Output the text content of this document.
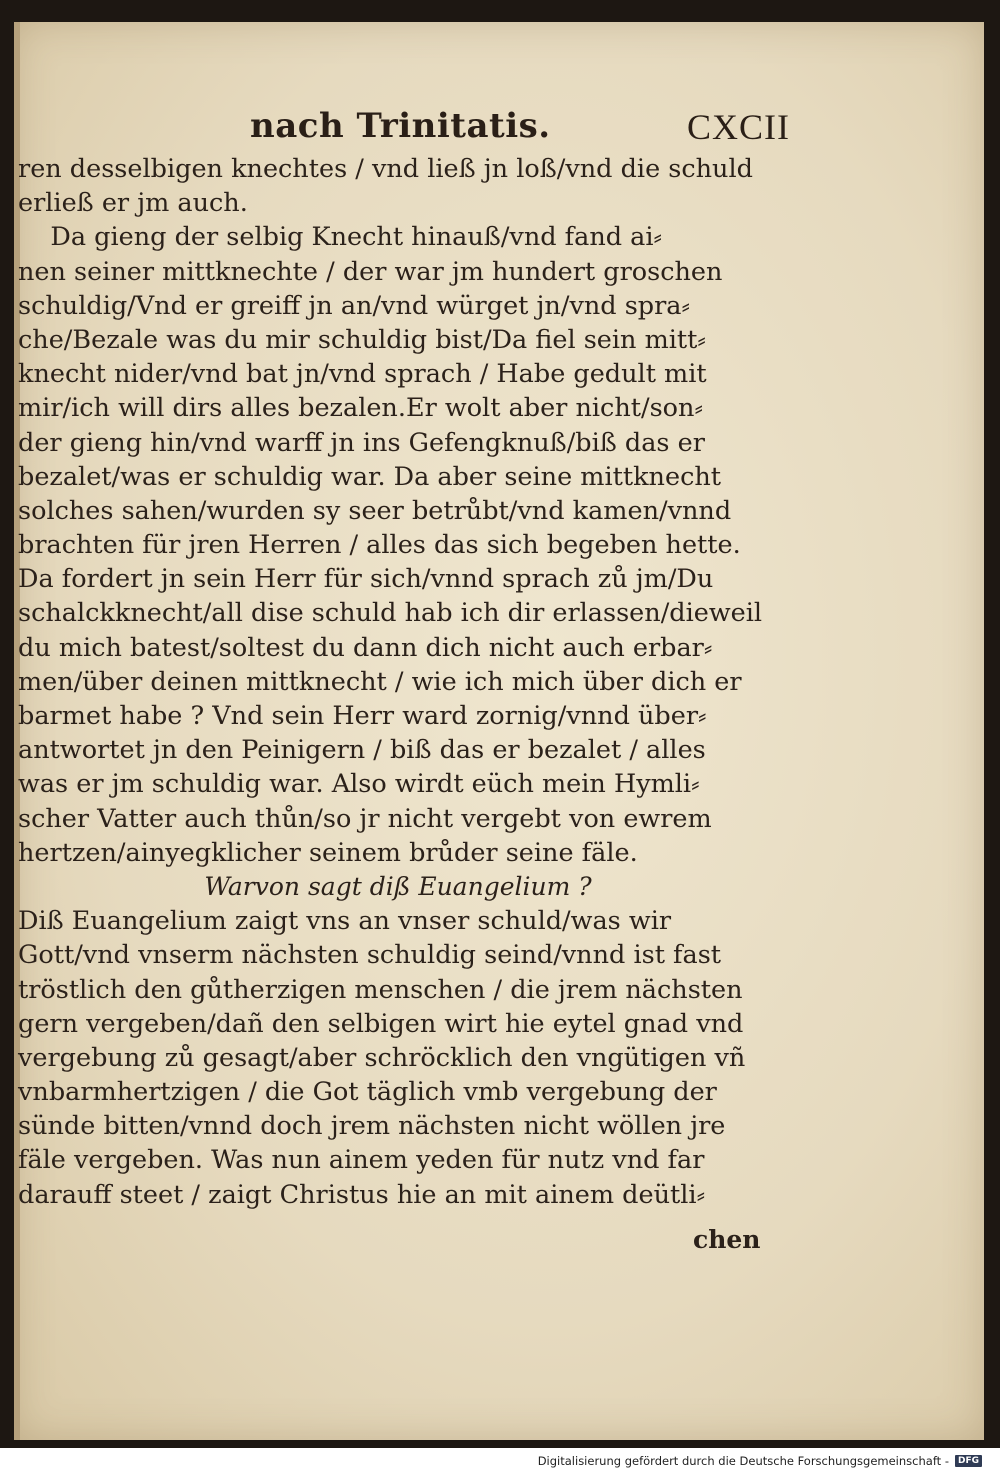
nach Trinitatis.	CXCII
ren desselbigen knechtes / vnd ließ jn loß/vnd die schuld
erließ er jm auch.
Da gieng der selbig Knecht hinauß/vnd fand ai⸗
nen seiner mittknechte / der war jm hundert groschen
schuldig/Vnd er greiff jn an/vnd würget jn/vnd spra⸗
che/Bezale was du mir schuldig bist/Da fiel sein mitt⸗
knecht nider/vnd bat jn/vnd sprach / Habe gedult mit
mir/ich will dirs alles bezalen.Er wolt aber nicht/son⸗
der gieng hin/vnd warff jn ins Gefengknuß/biß das er
bezalet/was er schuldig war. Da aber seine mittknecht
solches sahen/wurden sy seer betrůbt/vnd kamen/vnnd
brachten für jren Herren / alles das sich begeben hette.
Da fordert jn sein Herr für sich/vnnd sprach zů jm/Du
schalckknecht/all dise schuld hab ich dir erlassen/dieweil
du mich batest/soltest du dann dich nicht auch erbar⸗
men/über deinen mittknecht / wie ich mich über dich er
barmet habe ? Vnd sein Herr ward zornig/vnnd über⸗
antwortet jn den Peinigern / biß das er bezalet / alles
was er jm schuldig war. Also wirdt eüch mein Hymli⸗
scher Vatter auch thůn/so jr nicht vergebt von ewrem
hertzen/ainyegklicher seinem brůder seine fäle.
Warvon sagt diß Euangelium ?
Diß Euangelium zaigt vns an vnser schuld/was wir
Gott/vnd vnserm nächsten schuldig seind/vnnd ist fast
tröstlich den gůtherzigen menschen / die jrem nächsten
gern vergeben/dañ den selbigen wirt hie eytel gnad vnd
vergebung zů gesagt/aber schröcklich den vngütigen vñ
vnbarmhertzigen / die Got täglich vmb vergebung der
sünde bitten/vnnd doch jrem nächsten nicht wöllen jre
fäle vergeben. Was nun ainem yeden für nutz vnd far
darauff steet / zaigt Christus hie an mit ainem deütli⸗
chen
Digitalisierung gefördert durch die Deutsche Forschungsgemeinschaft -	DFG
